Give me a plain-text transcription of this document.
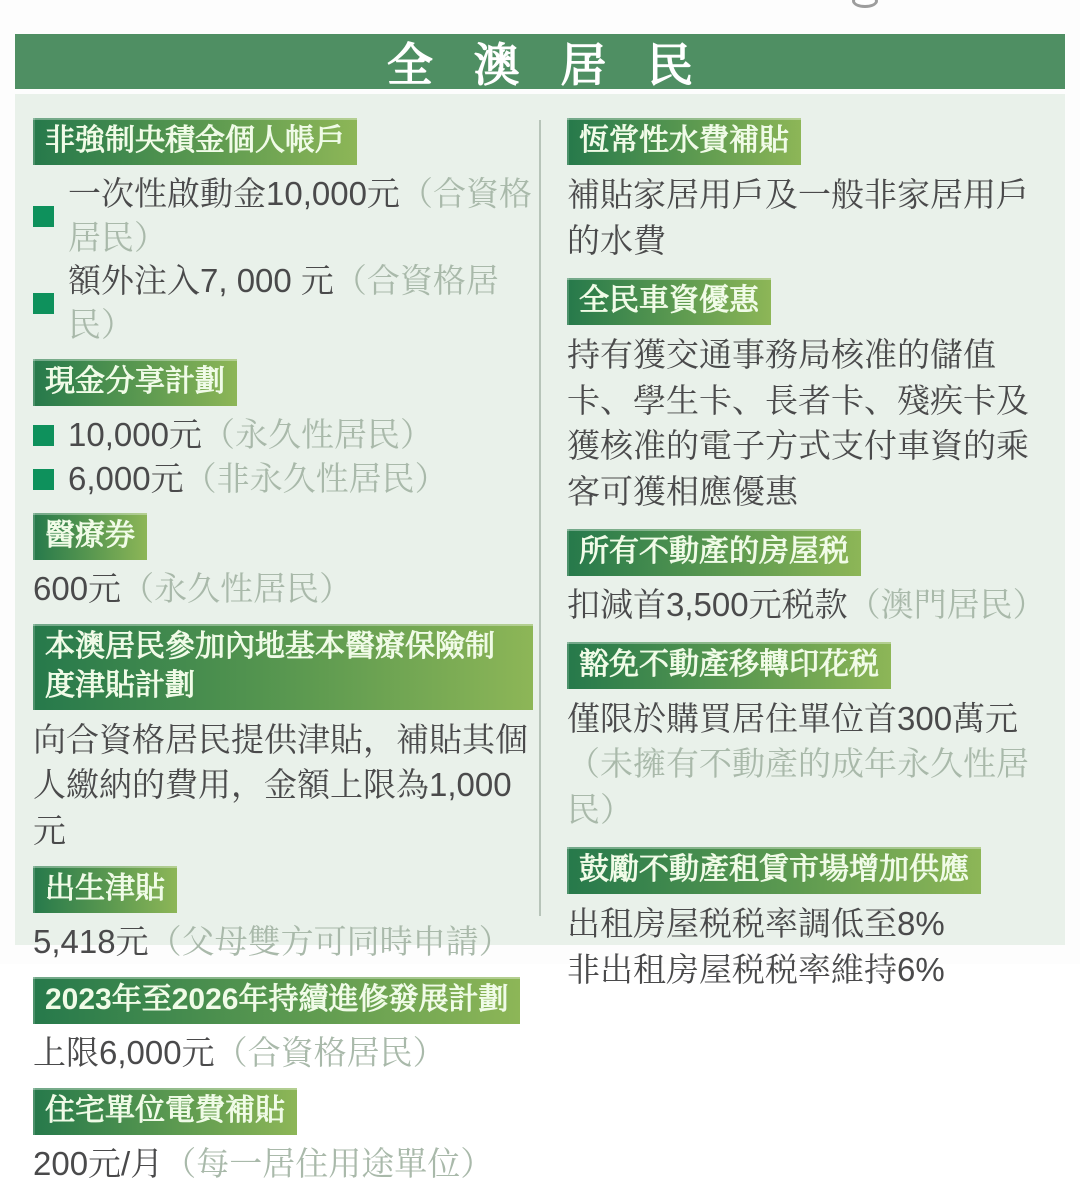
全 澳 居 民
非強制央積金個人帳戶
一次性啟動金10,000元（合資格居民）
額外注入7, 000 元（合資格居民）
現金分享計劃
10,000元（永久性居民）
6,000元（非永久性居民）
醫療券
600元（永久性居民）
本澳居民參加內地基本醫療保險制度津貼計劃
向合資格居民提供津貼，補貼其個人繳納的費用，金額上限為1,000元
出生津貼
5,418元（父母雙方可同時申請）
2023年至2026年持續進修發展計劃
上限6,000元（合資格居民）
住宅單位電費補貼
200元/月（每一居住用途單位）
恆常性水費補貼
補貼家居用戶及一般非家居用戶的水費
全民車資優惠
持有獲交通事務局核准的儲值卡、學生卡、長者卡、殘疾卡及獲核准的電子方式支付車資的乘客可獲相應優惠
所有不動產的房屋税
扣減首3,500元税款（澳門居民）
豁免不動產移轉印花税
僅限於購買居住單位首300萬元
（未擁有不動產的成年永久性居民）
鼓勵不動產租賃市場增加供應
出租房屋税税率調低至8%
非出租房屋税税率維持6%
